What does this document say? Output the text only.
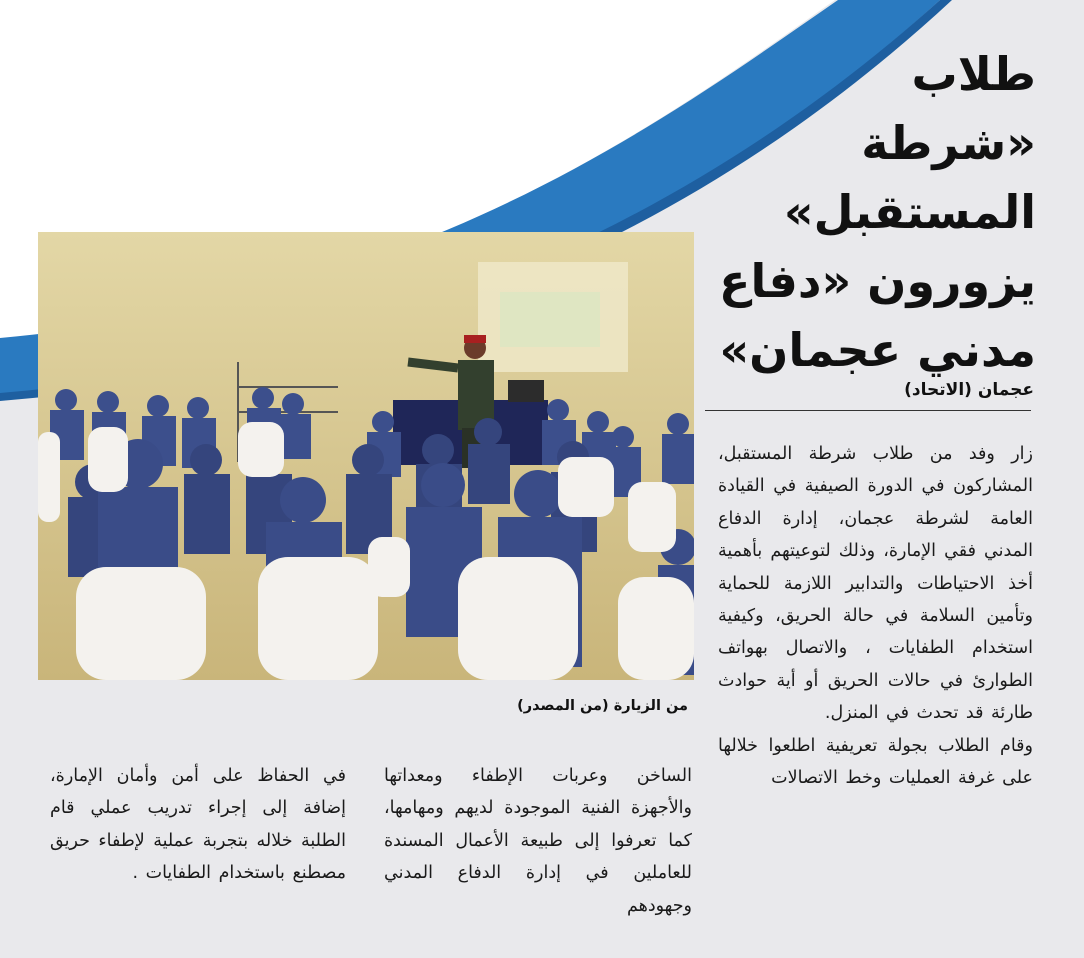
طلاب
«شرطة
المستقبل»
يزورون «دفاع
مدني عجمان»
عجمان (الاتحاد)
من الزيارة (من المصدر)

زار وفد من طلاب شرطة المستقبل، المشاركون في الدورة الصيفية في القيادة العامة لشرطة عجمان، إدارة الدفاع المدني فقي الإمارة، وذلك لتوعيتهم بأهمية أخذ الاحتياطات والتدابير اللازمة للحماية وتأمين السلامة في حالة الحريق، وكيفية استخدام الطفايات ، والاتصال بهواتف الطوارئ في حالات الحريق أو أية حوادث طارئة قد تحدث في المنزل.

وقام الطلاب بجولة تعريفية اطلعوا خلالها على غرفة العمليات وخط الاتصالات

الساخن وعربات الإطفاء ومعداتها والأجهزة الفنية الموجودة لديهم ومهامها، كما تعرفوا إلى طبيعة الأعمال المسندة للعاملين في إدارة الدفاع المدني وجهودهم

في الحفاظ على أمن وأمان الإمارة، إضافة إلى إجراء تدريب عملي قام الطلبة خلاله بتجربة عملية لإطفاء حريق مصطنع باستخدام الطفايات .
